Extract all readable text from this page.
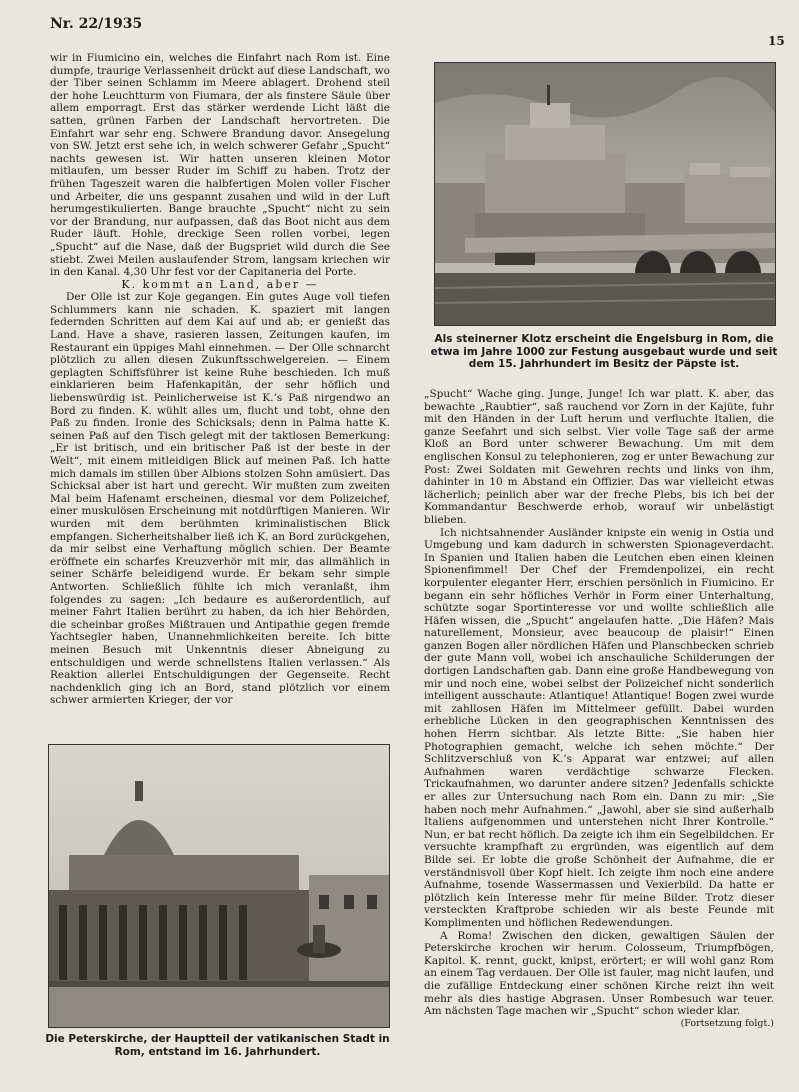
Nr. 22/1935
15

wir in Fiumicino ein, welches die Einfahrt nach Rom ist. Eine dumpfe, traurige Verlassenheit drückt auf diese Landschaft, wo der Tiber seinen Schlamm im Meere ablagert. Drohend steil der hohe Leuchtturm von Fiumara, der als finstere Säule über allem emporragt. Erst das stärker werdende Licht läßt die satten, grünen Farben der Landschaft hervortreten. Die Einfahrt war sehr eng. Schwere Brandung davor. Ansegelung von SW. Jetzt erst sehe ich, in welch schwerer Gefahr „Spucht“ nachts gewesen ist. Wir hatten unseren kleinen Motor mitlaufen, um besser Ruder im Schiff zu haben. Trotz der frühen Tageszeit waren die halbfertigen Molen voller Fischer und Arbeiter, die uns gespannt zusahen und wild in der Luft herumgestikulierten. Bange brauchte „Spucht“ nicht zu sein vor der Brandung, nur aufpassen, daß das Boot nicht aus dem Ruder läuft. Hohle, dreckige Seen rollen vorbei, legen „Spucht“ auf die Nase, daß der Bugspriet wild durch die See stiebt. Zwei Meilen auslaufender Strom, langsam kriechen wir in den Kanal. 4,30 Uhr fest vor der Capitaneria del Porte.

K. kommt an Land, aber —

Der Olle ist zur Koje gegangen. Ein gutes Auge voll tiefen Schlummers kann nie schaden. K. spaziert mit langen federnden Schritten auf dem Kai auf und ab; er genießt das Land. Have a shave, rasieren lassen, Zeitungen kaufen, im Restaurant ein üppiges Mahl einnehmen. — Der Olle schnarcht plötzlich zu allen diesen Zukunftsschwelgereien. — Einem geplagten Schiffsführer ist keine Ruhe beschieden. Ich muß einklarieren beim Hafenkapitän, der sehr höflich und liebenswürdig ist. Peinlicherweise ist K.’s Paß nirgendwo an Bord zu finden. K. wühlt alles um, flucht und tobt, ohne den Paß zu finden. Ironie des Schicksals; denn in Palma hatte K. seinen Paß auf den Tisch gelegt mit der taktlosen Bemerkung: „Er ist britisch, und ein britischer Paß ist der beste in der Welt“, mit einem mitleidigen Blick auf meinen Paß. Ich hatte mich damals im stillen über Albions stolzen Sohn amüsiert. Das Schicksal aber ist hart und gerecht. Wir mußten zum zweiten Mal beim Hafenamt erscheinen, diesmal vor dem Polizeichef, einer muskulösen Erscheinung mit notdürftigen Manieren. Wir wurden mit dem berühmten kriminalistischen Blick empfangen. Sicherheitshalber ließ ich K. an Bord zurückgehen, da mir selbst eine Verhaftung möglich schien. Der Beamte eröffnete ein scharfes Kreuzverhör mit mir, das allmählich in seiner Schärfe beleidigend wurde. Er bekam sehr simple Antworten. Schließlich fühlte ich mich veranlaßt, ihm folgendes zu sagen: „Ich bedaure es außerordentlich, auf meiner Fahrt Italien berührt zu haben, da ich hier Behörden, die scheinbar großes Mißtrauen und Antipathie gegen fremde Yachtsegler haben, Unannehmlichkeiten bereite. Ich bitte meinen Besuch mit Unkenntnis dieser Abneigung zu entschuldigen und werde schnellstens Italien verlassen.“ Als Reaktion allerlei Entschuldigungen der Gegenseite. Recht nachdenklich ging ich an Bord, stand plötzlich vor einem schwer armierten Krieger, der vor

Als steinerner Klotz erscheint die Engelsburg in Rom, die etwa im Jahre 1000 zur Festung ausgebaut wurde und seit dem 15. Jahrhundert im Besitz der Päpste ist.

„Spucht“ Wache ging. Junge, Junge! Ich war platt. K. aber, das bewachte „Raubtier“, saß rauchend vor Zorn in der Kajüte, fuhr mit den Händen in der Luft herum und verfluchte Italien, die ganze Seefahrt und sich selbst. Vier volle Tage saß der arme Kloß an Bord unter schwerer Bewachung. Um mit dem englischen Konsul zu telephonieren, zog er unter Bewachung zur Post: Zwei Soldaten mit Gewehren rechts und links von ihm, dahinter in 10 m Abstand ein Offizier. Das war vielleicht etwas lächerlich; peinlich aber war der freche Plebs, bis ich bei der Kommandantur Beschwerde erhob, worauf wir unbelästigt blieben.

Ich nichtsahnender Ausländer knipste ein wenig in Ostia und Umgebung und kam dadurch in schwersten Spionageverdacht. In Spanien und Italien haben die Leutchen eben einen kleinen Spionenfimmel! Der Chef der Fremdenpolizei, ein recht korpulenter eleganter Herr, erschien persönlich in Fiumicino. Er begann ein sehr höfliches Verhör in Form einer Unterhaltung, schützte sogar Sportinteresse vor und wollte schließlich alle Häfen wissen, die „Spucht“ angelaufen hatte. „Die Häfen? Mais naturellement, Monsieur, avec beaucoup de plaisir!“ Einen ganzen Bogen aller nördlichen Häfen und Planschbecken schrieb der gute Mann voll, wobei ich anschauliche Schilderungen der dortigen Landschaften gab. Dann eine große Handbewegung von mir und noch eine, wobei selbst der Polizeichef nicht sonderlich intelligent ausschaute: Atlantique! Atlantique! Bogen zwei wurde mit zahllosen Häfen im Mittelmeer gefüllt. Dabei wurden erhebliche Lücken in den geographischen Kenntnissen des hohen Herrn sichtbar. Als letzte Bitte: „Sie haben hier Photographien gemacht, welche ich sehen möchte.“ Der Schlitzverschluß von K.’s Apparat war entzwei; auf allen Aufnahmen waren verdächtige schwarze Flecken. Trickaufnahmen, wo darunter andere sitzen? Jedenfalls schickte er alles zur Untersuchung nach Rom ein. Dann zu mir: „Sie haben noch mehr Aufnahmen.“ „Jawohl, aber sie sind außerhalb Italiens aufgenommen und unterstehen nicht Ihrer Kontrolle.“ Nun, er bat recht höflich. Da zeigte ich ihm ein Segelbildchen. Er versuchte krampfhaft zu ergründen, was eigentlich auf dem Bilde sei. Er lobte die große Schönheit der Aufnahme, die er verständnisvoll über Kopf hielt. Ich zeigte ihm noch eine andere Aufnahme, tosende Wassermassen und Vexierbild. Da hatte er plötzlich kein Interesse mehr für meine Bilder. Trotz dieser versteckten Kraftprobe schieden wir als beste Feunde mit Komplimenten und höflichen Redewendungen.

A Roma! Zwischen den dicken, gewaltigen Säulen der Peterskirche krochen wir herum. Colosseum, Triumpfbögen, Kapitol. K. rennt, guckt, knipst, erörtert; er will wohl ganz Rom an einem Tag verdauen. Der Olle ist fauler, mag nicht laufen, und die zufällige Entdeckung einer schönen Kirche reizt ihn weit mehr als dies hastige Abgrasen. Unser Rombesuch war teuer. Am nächsten Tage machen wir „Spucht“ schon wieder klar.

(Fortsetzung folgt.)

Die Peterskirche, der Hauptteil der vatikanischen Stadt in Rom, entstand im 16. Jahrhundert.
